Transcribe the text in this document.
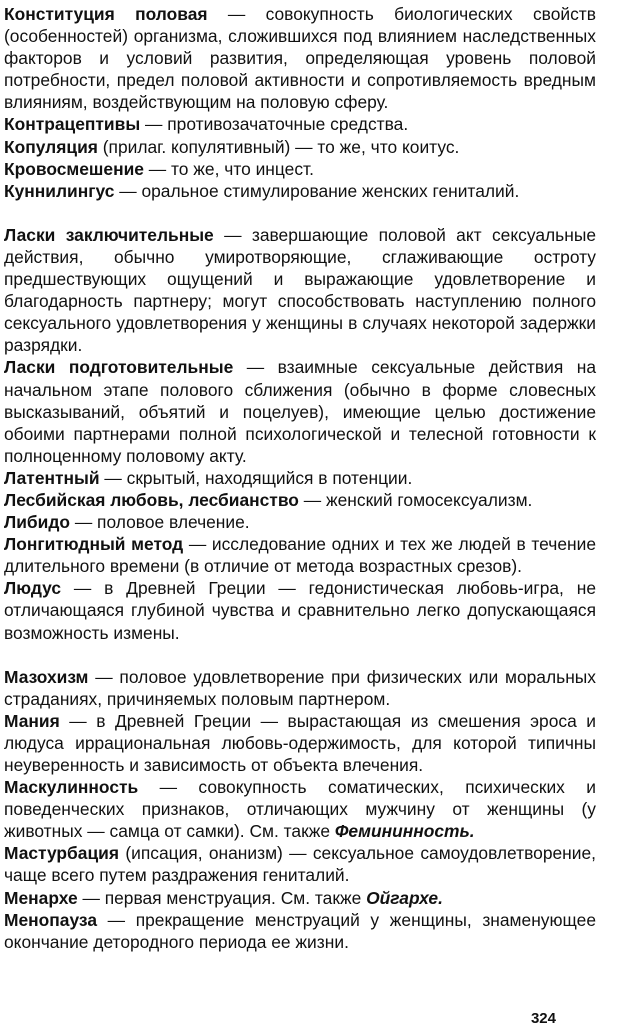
Конституция половая — совокупность биологических свойств (особенностей) организма, сложившихся под влиянием наследственных факторов и условий развития, определяющая уровень половой потребности, предел половой активности и сопротивляемость вредным влияниям, воздействующим на половую сферу.

Контрацептивы — противозачаточные средства.

Копуляция (прилаг. копулятивный) — то же, что коитус.

Кровосмешение — то же, что инцест.

Куннилингус — оральное стимулирование женских гениталий.

Ласки заключительные — завершающие половой акт сексуальные действия, обычно умиротворяющие, сглаживающие остроту предшествующих ощущений и выражающие удовлетворение и благодарность партнеру; могут способствовать наступлению полного сексуального удовлетворения у женщины в случаях некоторой задержки разрядки.

Ласки подготовительные — взаимные сексуальные действия на начальном этапе полового сближения (обычно в форме словесных высказываний, объятий и поцелуев), имеющие целью достижение обоими партнерами полной психологической и телесной готовности к полноценному половому акту.

Латентный — скрытый, находящийся в потенции.

Лесбийская любовь, лесбианство — женский гомосексуализм.

Либидо — половое влечение.

Лонгитюдный метод — исследование одних и тех же людей в течение длительного времени (в отличие от метода возрастных срезов).

Людус — в Древней Греции — гедонистическая любовь-игра, не отличающаяся глубиной чувства и сравнительно легко допускающаяся возможность измены.

Мазохизм — половое удовлетворение при физических или моральных страданиях, причиняемых половым партнером.

Мания — в Древней Греции — вырастающая из смешения эроса и людуса иррациональная любовь-одержимость, для которой типичны неуверенность и зависимость от объекта влечения.

Маскулинность — совокупность соматических, психических и поведенческих признаков, отличающих мужчину от женщины (у животных — самца от самки). См. также Фемининность.

Мастурбация (ипсация, онанизм) — сексуальное самоудовлетворение, чаще всего путем раздражения гениталий.

Менархе — первая менструация. См. также Ойгархе.

Менопауза — прекращение менструаций у женщины, знаменующее окончание детородного периода ее жизни.

324
